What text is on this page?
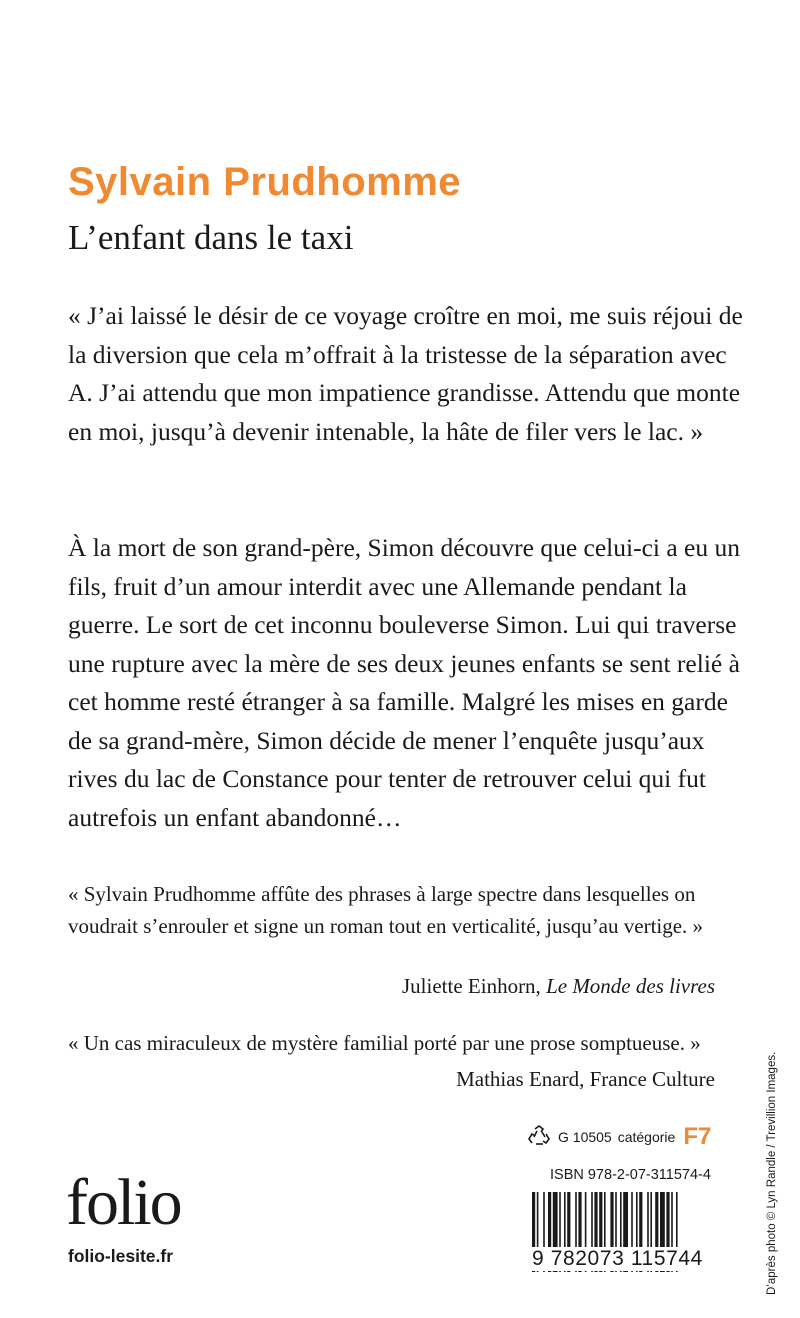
Sylvain Prudhomme
L’enfant dans le taxi

« J’ai laissé le désir de ce voyage croître en moi, me suis réjoui de la diversion que cela m’offrait à la tristesse de la séparation avec A. J’ai attendu que mon impatience grandisse. Attendu que monte en moi, jusqu’à devenir intenable, la hâte de filer vers le lac. »

À la mort de son grand-père, Simon découvre que celui-ci a eu un fils, fruit d’un amour interdit avec une Allemande pendant la guerre. Le sort de cet inconnu bouleverse Simon. Lui qui traverse une rupture avec la mère de ses deux jeunes enfants se sent relié à cet homme resté étranger à sa famille. Malgré les mises en garde de sa grand-mère, Simon décide de mener l’enquête jusqu’aux rives du lac de Constance pour tenter de retrouver celui qui fut autrefois un enfant abandonné…

« Sylvain Prudhomme affûte des phrases à large spectre dans lesquelles on voudrait s’enrouler et signe un roman tout en verticalité, jusqu’au vertige. »

Juliette Einhorn, Le Monde des livres

« Un cas miraculeux de mystère familial porté par une prose somptueuse. »

Mathias Enard, France Culture	D’après photo © Lyn Randle / Trevillion Images.
G 10505 catégorie F7
ISBN 978-2-07-311574-4
9 782073 115744
folio
folio-lesite.fr
